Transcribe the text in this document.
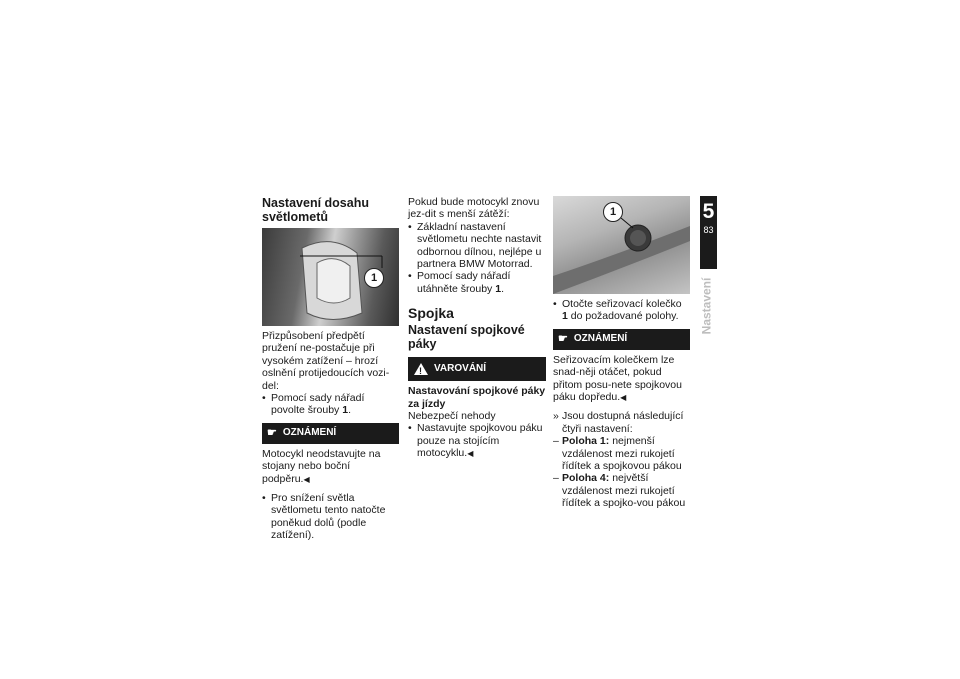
Nastavení dosahu světlometů
1

Přizpůsobení předpětí pružení ne-postačuje při vysokém zatížení – hrozí oslnění protijedoucích vozi-del:

• Pomocí sady nářadí povolte šrouby 1.
☛ OZNÁMENÍ

Motocykl neodstavujte na stojany nebo boční podpěru.◀

• Pro snížení světla světlometu tento natočte poněkud dolů (podle zatížení).

Pokud bude motocykl znovu jez-dit s menší zátěží:

• Základní nastavení světlometu nechte nastavit odbornou dílnou, nejlépe u partnera BMW Motorrad.
• Pomocí sady nářadí utáhněte šrouby 1.
Spojka
Nastavení spojkové páky
! VAROVÁNÍ

Nastavování spojkové páky za jízdy

Nebezpečí nehody

• Nastavujte spojkovou páku pouze na stojícím motocyklu.◀
1
• Otočte seřizovací kolečko 1 do požadované polohy.
☛ OZNÁMENÍ

Seřizovacím kolečkem lze snad-něji otáčet, pokud přitom posu-nete spojkovou páku dopředu.◀

» Jsou dostupná následující čtyři nastavení:
– Poloha 1: nejmenší vzdálenost mezi rukojetí řídítek a spojkovou pákou
– Poloha 4: největší vzdálenost mezi rukojetí řídítek a spojko-vou pákou
5
83
Nastavení
